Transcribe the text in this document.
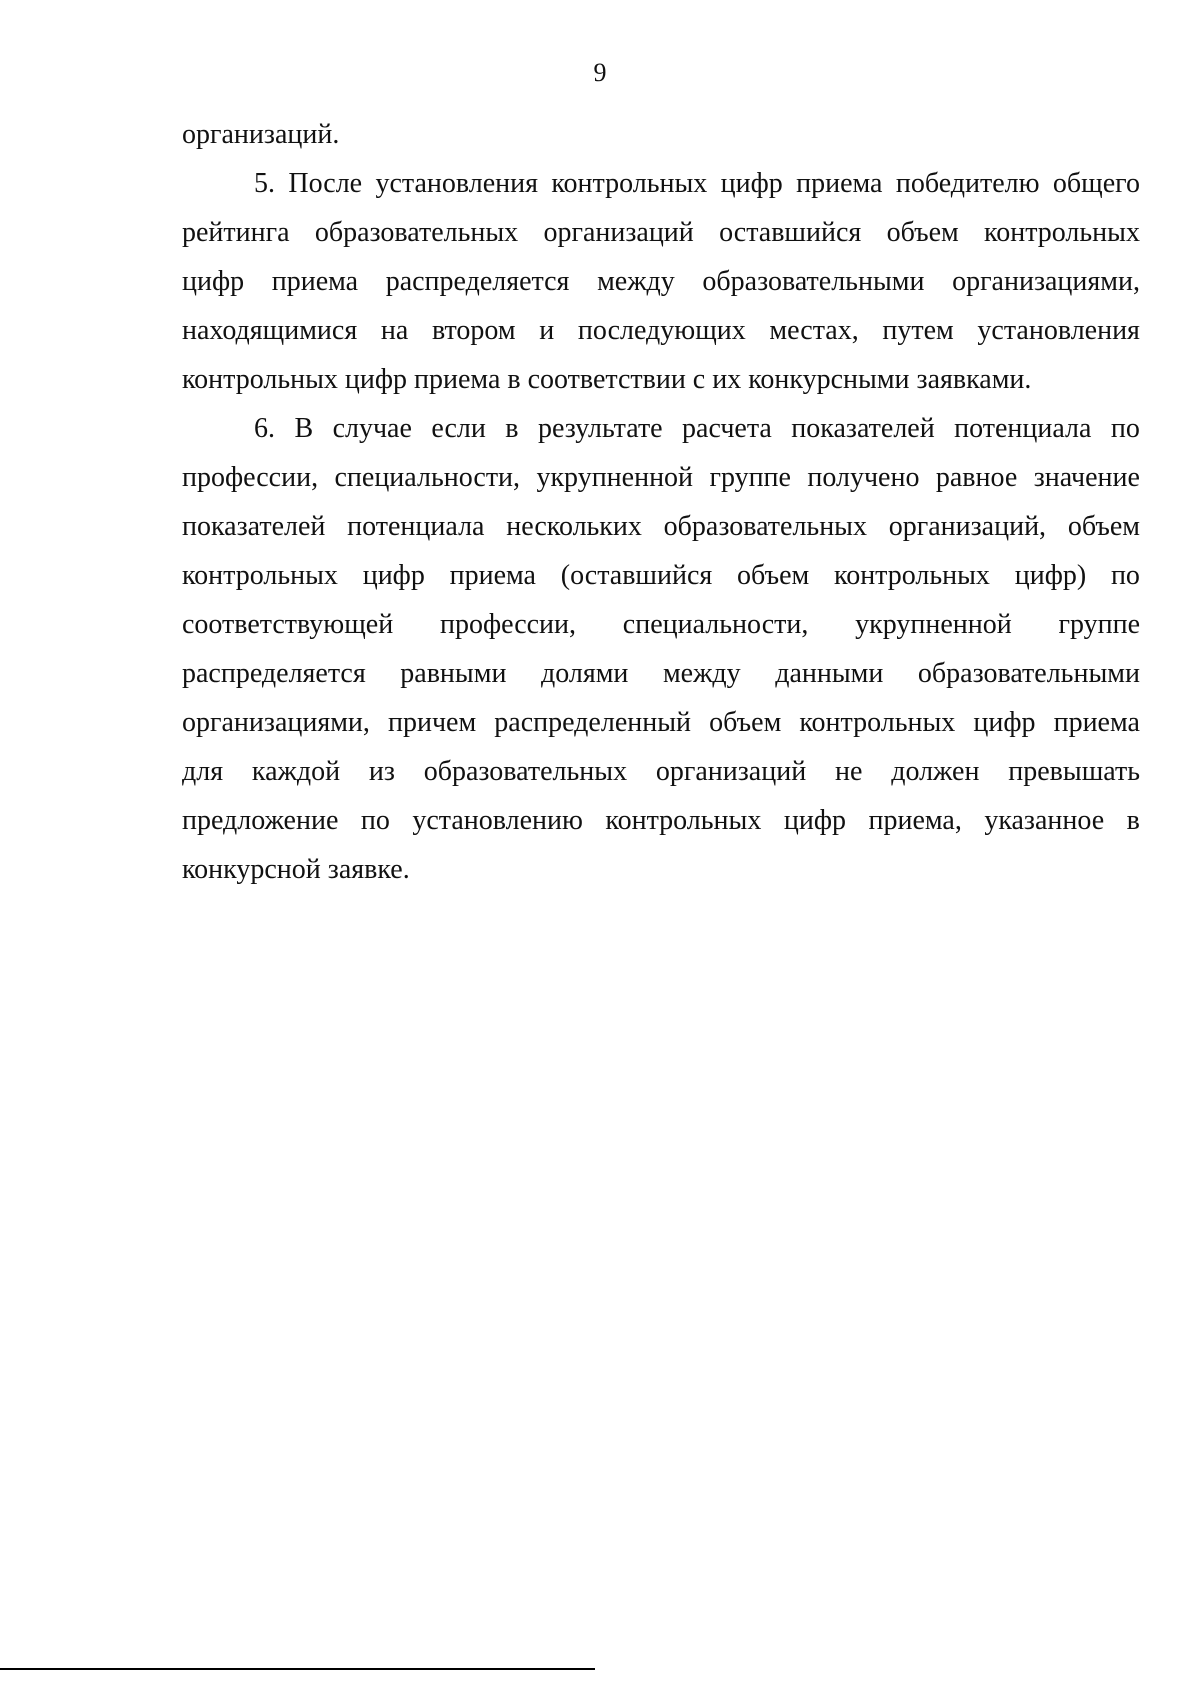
9

организаций.

5. После установления контрольных цифр приема победителю общего
рейтинга образовательных организаций оставшийся объем контрольных
цифр приема распределяется между образовательными организациями,
находящимися на втором и последующих местах, путем установления
контрольных цифр приема в соответствии с их конкурсными заявками.

6. В случае если в результате расчета показателей потенциала по
профессии, специальности, укрупненной группе получено равное значение
показателей потенциала нескольких образовательных организаций, объем
контрольных цифр приема (оставшийся объем контрольных цифр) по
соответствующей профессии, специальности, укрупненной группе
распределяется равными долями между данными образовательными
организациями, причем распределенный объем контрольных цифр приема
для каждой из образовательных организаций не должен превышать
предложение по установлению контрольных цифр приема, указанное в
конкурсной заявке.
